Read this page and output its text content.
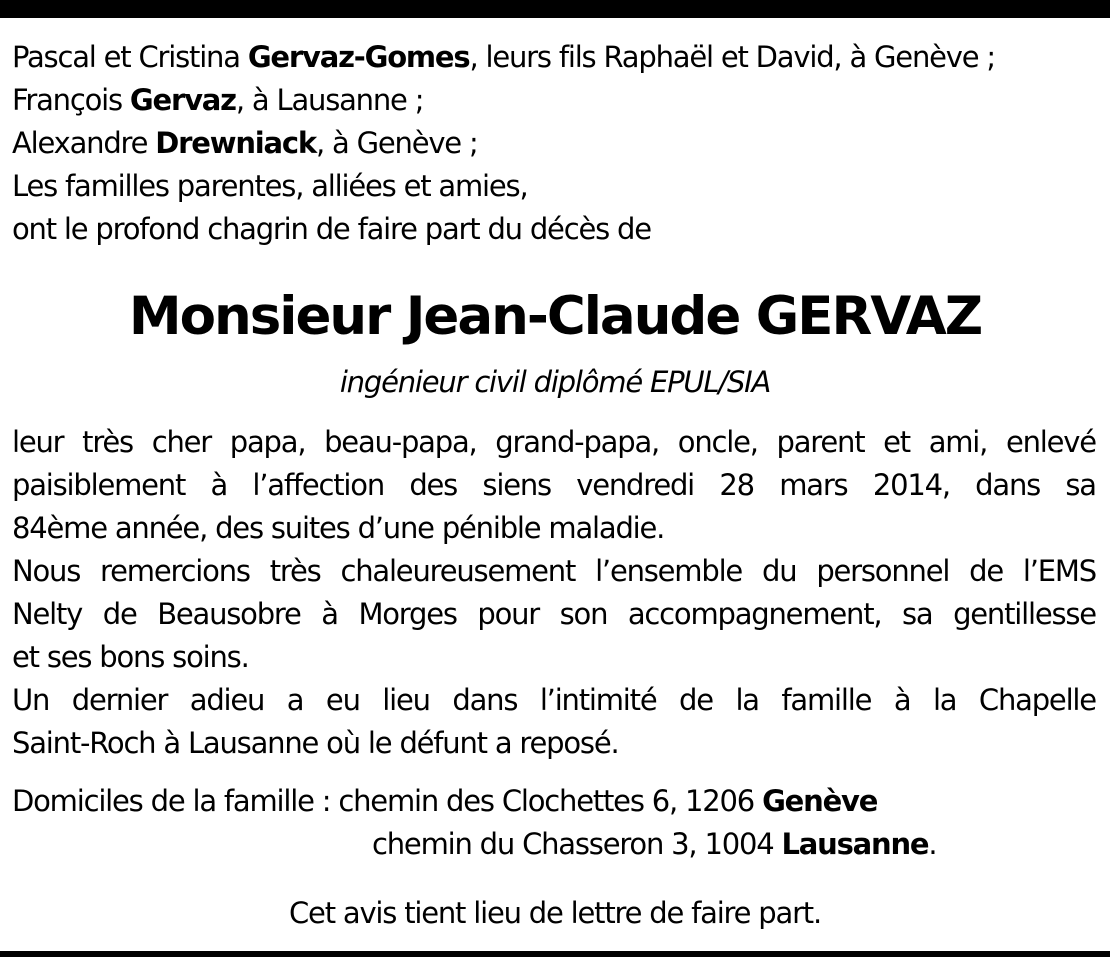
Pascal et Cristina Gervaz-Gomes, leurs fils Raphaël et David, à Genève ;
François Gervaz, à Lausanne ;
Alexandre Drewniack, à Genève ;
Les familles parentes, alliées et amies,
ont le profond chagrin de faire part du décès de
Monsieur Jean-Claude GERVAZ
ingénieur civil diplômé EPUL/SIA
leur très cher papa, beau-papa, grand-papa, oncle, parent et ami, enlevé
paisiblement à l’affection des siens vendredi 28 mars 2014, dans sa
84ème année, des suites d’une pénible maladie.
Nous remercions très chaleureusement l’ensemble du personnel de l’EMS
Nelty de Beausobre à Morges pour son accompagnement, sa gentillesse
et ses bons soins.
Un dernier adieu a eu lieu dans l’intimité de la famille à la Chapelle
Saint-Roch à Lausanne où le défunt a reposé.
Domiciles de la famille : chemin des Clochettes 6, 1206 Genève
chemin du Chasseron 3, 1004 Lausanne.
Cet avis tient lieu de lettre de faire part.
